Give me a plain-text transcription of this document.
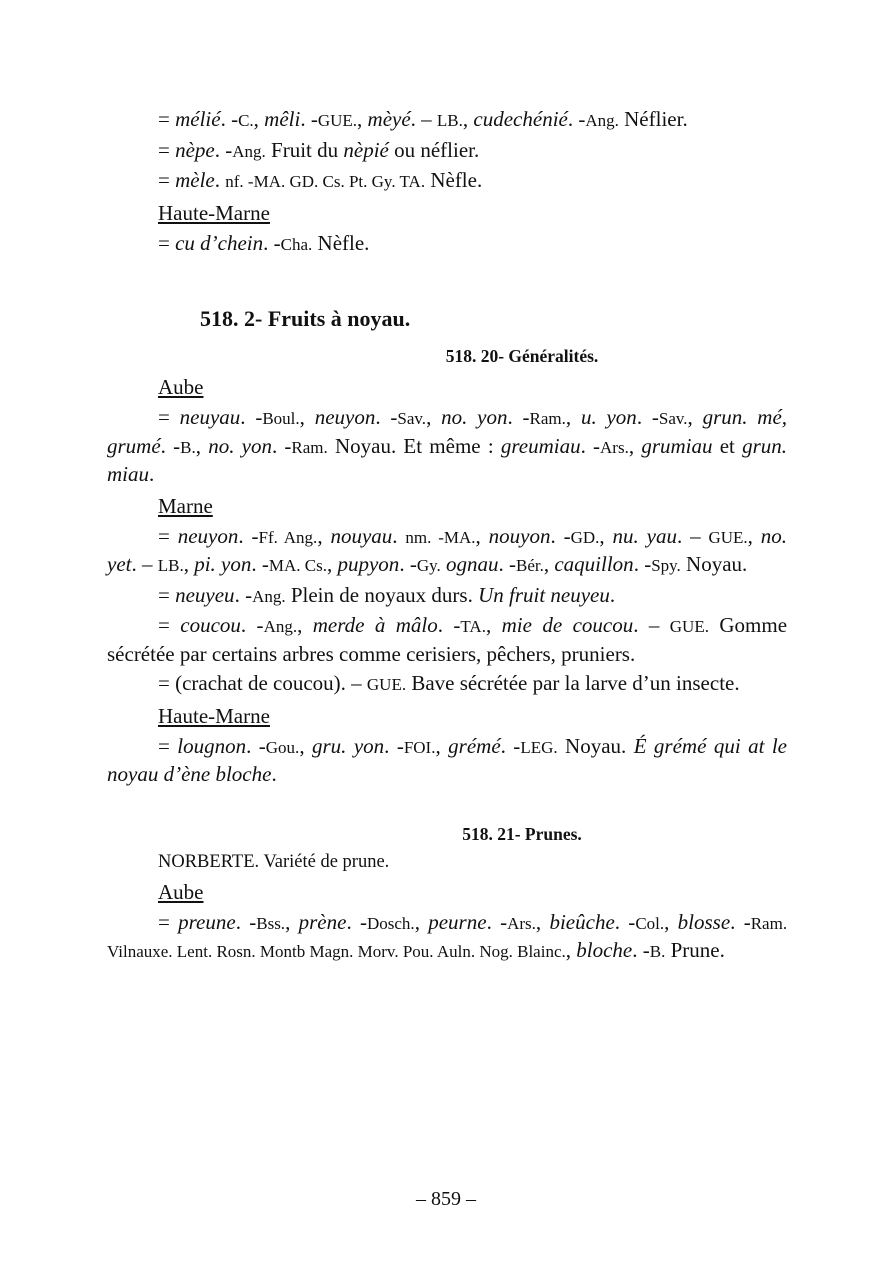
= mélié. -C., mêli. -GUE., mèyé. – LB., cudechénié. -Ang. Néflier.

= nèpe. -Ang. Fruit du nèpié ou néflier.

= mèle. nf. -MA. GD. Cs. Pt. Gy. TA. Nèfle.

Haute-Marne

= cu d’chein. -Cha. Nèfle.

518. 2- Fruits à noyau.
518. 20- Généralités.
Aube

= neuyau. -Boul., neuyon. -Sav., no. yon. -Ram., u. yon. -Sav., grun. mé, grumé. -B., no. yon. -Ram. Noyau. Et même : greumiau. -Ars., grumiau et grun. miau.

Marne

= neuyon. -Ff. Ang., nouyau. nm. -MA., nouyon. -GD., nu. yau. – GUE., no. yet. – LB., pi. yon. -MA. Cs., pupyon. -Gy. ognau. -Bér., caquillon. -Spy. Noyau.

= neuyeu. -Ang. Plein de noyaux durs. Un fruit neuyeu.

= coucou. -Ang., merde à mâlo. -TA., mie de coucou. – GUE. Gomme sécrétée par certains arbres comme cerisiers, pêchers, pruniers.

= (crachat de coucou). – GUE. Bave sécrétée par la larve d’un insecte.

Haute-Marne

= lougnon. -Gou., gru. yon. -FOI., grémé. -LEG. Noyau. É grémé qui at le noyau d’ène bloche.

518. 21- Prunes.
NORBERTE. Variété de prune.
Aube

= preune. -Bss., prène. -Dosch., peurne. -Ars., bieûche. -Col., blosse. -Ram. Vilnauxe. Lent. Rosn. Montb Magn. Morv. Pou. Auln. Nog. Blainc., bloche. -B. Prune.

– 859 –
